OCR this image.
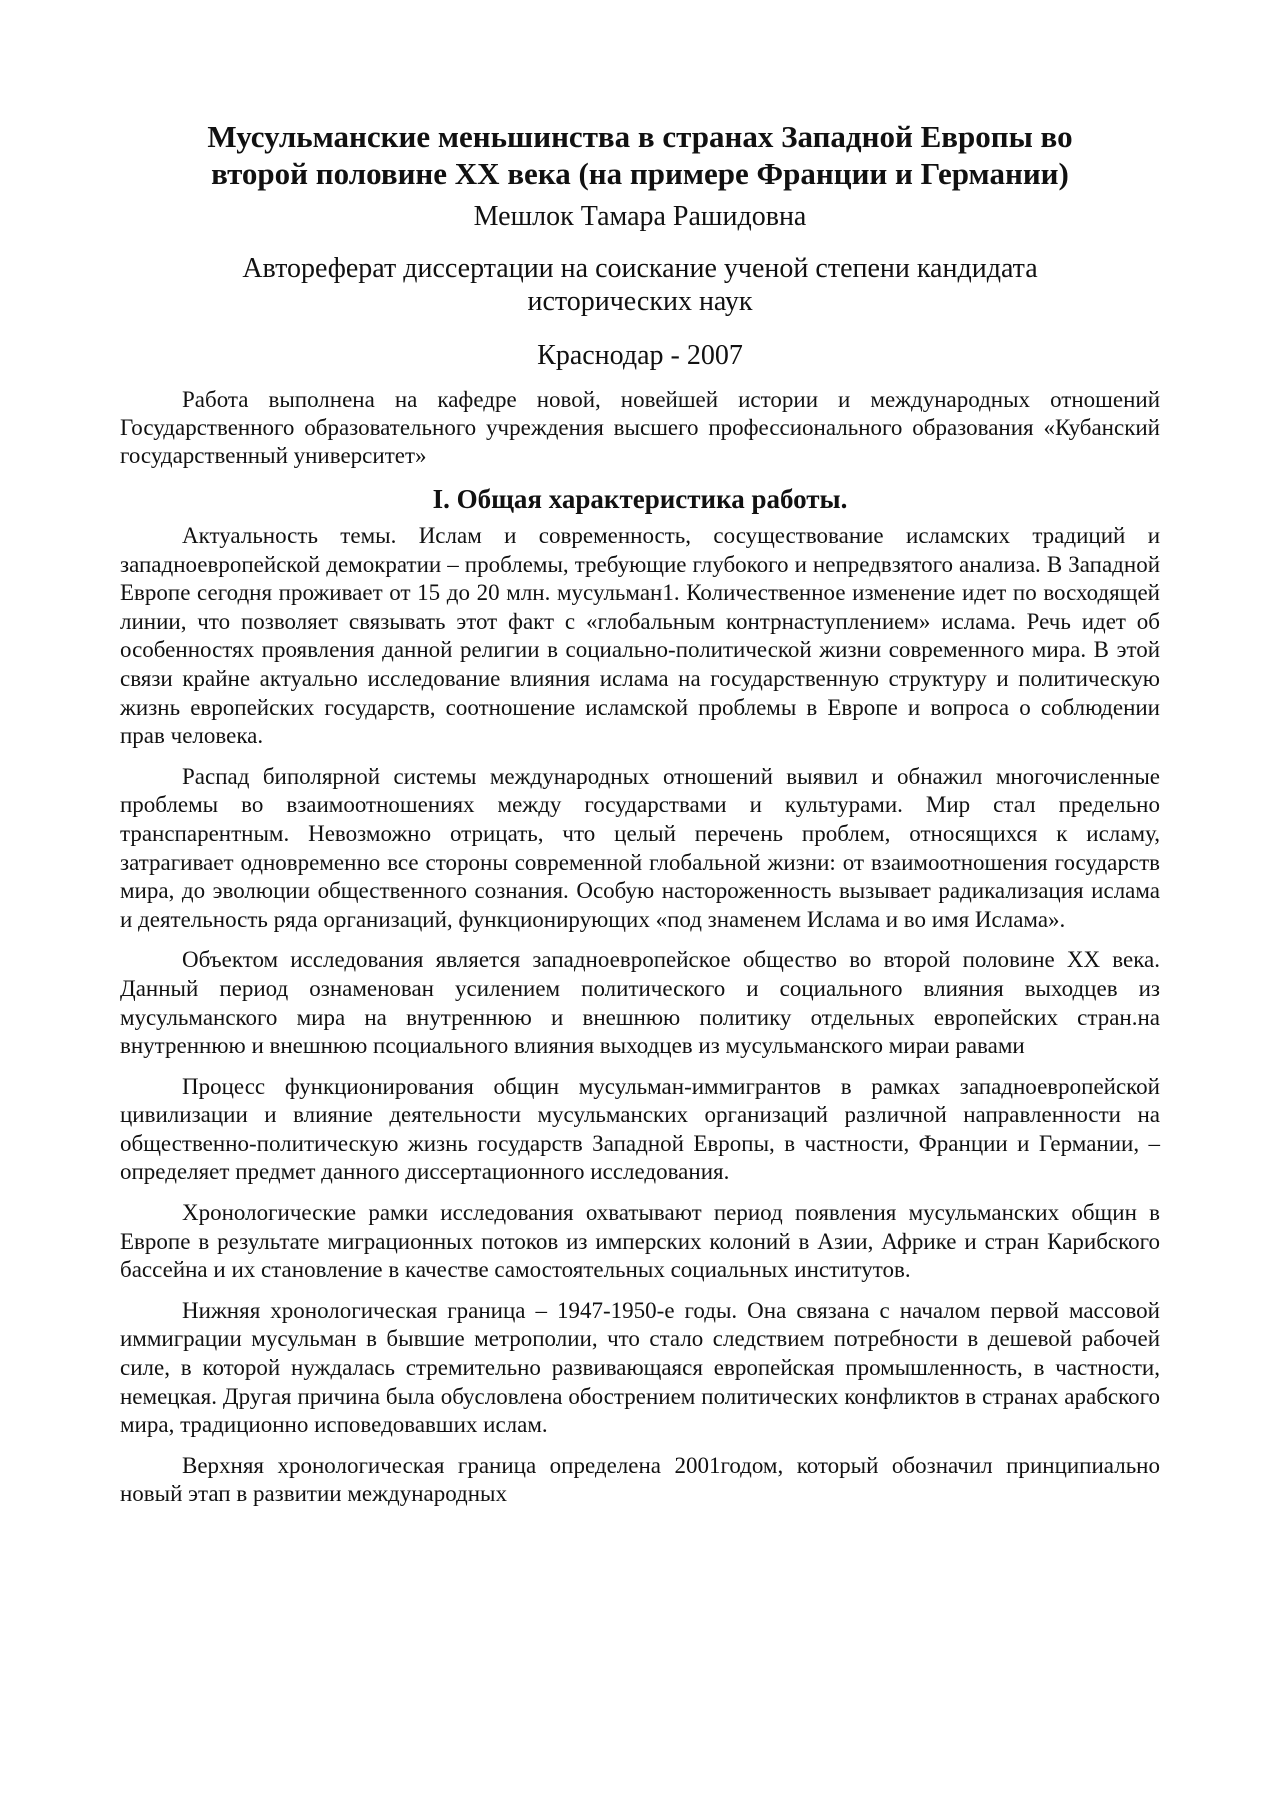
Мусульманские меньшинства в странах Западной Европы во
второй половине XX века (на примере Франции и Германии)
Мешлок Тамара Рашидовна
Автореферат диссертации на соискание ученой степени кандидата
исторических наук
Краснодар - 2007

Работа выполнена на кафедре новой, новейшей истории и международных отношений Государственного образовательного учреждения высшего профессионального образования «Кубанский государственный университет»

I. Общая характеристика работы.

Актуальность темы. Ислам и современность, сосуществование исламских традиций и западноевропейской демократии – проблемы, требующие глубокого и непредвзятого анализа. В Западной Европе сегодня проживает от 15 до 20 млн. мусульман1. Количественное изменение идет по восходящей линии, что позволяет связывать этот факт с «глобальным контрнаступлением» ислама. Речь идет об особенностях проявления данной религии в социально-политической жизни современного мира. В этой связи крайне актуально исследование влияния ислама на государственную структуру и политическую жизнь европейских государств, соотношение исламской проблемы в Европе и вопроса о соблюдении прав человека.

Распад биполярной системы международных отношений выявил и обнажил многочисленные проблемы во взаимоотношениях между государствами и культурами. Мир стал предельно транспарентным. Невозможно отрицать, что целый перечень проблем, относящихся к исламу, затрагивает одновременно все стороны современной глобальной жизни: от взаимоотношения государств мира, до эволюции общественного сознания. Особую настороженность вызывает радикализация ислама и деятельность ряда организаций, функционирующих «под знаменем Ислама и во имя Ислама».

Объектом исследования является западноевропейское общество во второй половине XX века. Данный период ознаменован усилением политического и социального влияния выходцев из мусульманского мира на внутреннюю и внешнюю политику отдельных европейских стран.на внутреннюю и внешнюю псоциального влияния выходцев из мусульманского мираи равами

Процесс функционирования общин мусульман-иммигрантов в рамках западноевропейской цивилизации и влияние деятельности мусульманских организаций различной направленности на общественно-политическую жизнь государств Западной Европы, в частности, Франции и Германии, – определяет предмет данного диссертационного исследования.

Хронологические рамки исследования охватывают период появления мусульманских общин в Европе в результате миграционных потоков из имперских колоний в Азии, Африке и стран Карибского бассейна и их становление в качестве самостоятельных социальных институтов.

Нижняя хронологическая граница – 1947-1950-е годы. Она связана с началом первой массовой иммиграции мусульман в бывшие метрополии, что стало следствием потребности в дешевой рабочей силе, в которой нуждалась стремительно развивающаяся европейская промышленность, в частности, немецкая. Другая причина была обусловлена обострением политических конфликтов в странах арабского мира, традиционно исповедовавших ислам.

Верхняя хронологическая граница определена 2001годом, который обозначил принципиально новый этап в развитии международных
